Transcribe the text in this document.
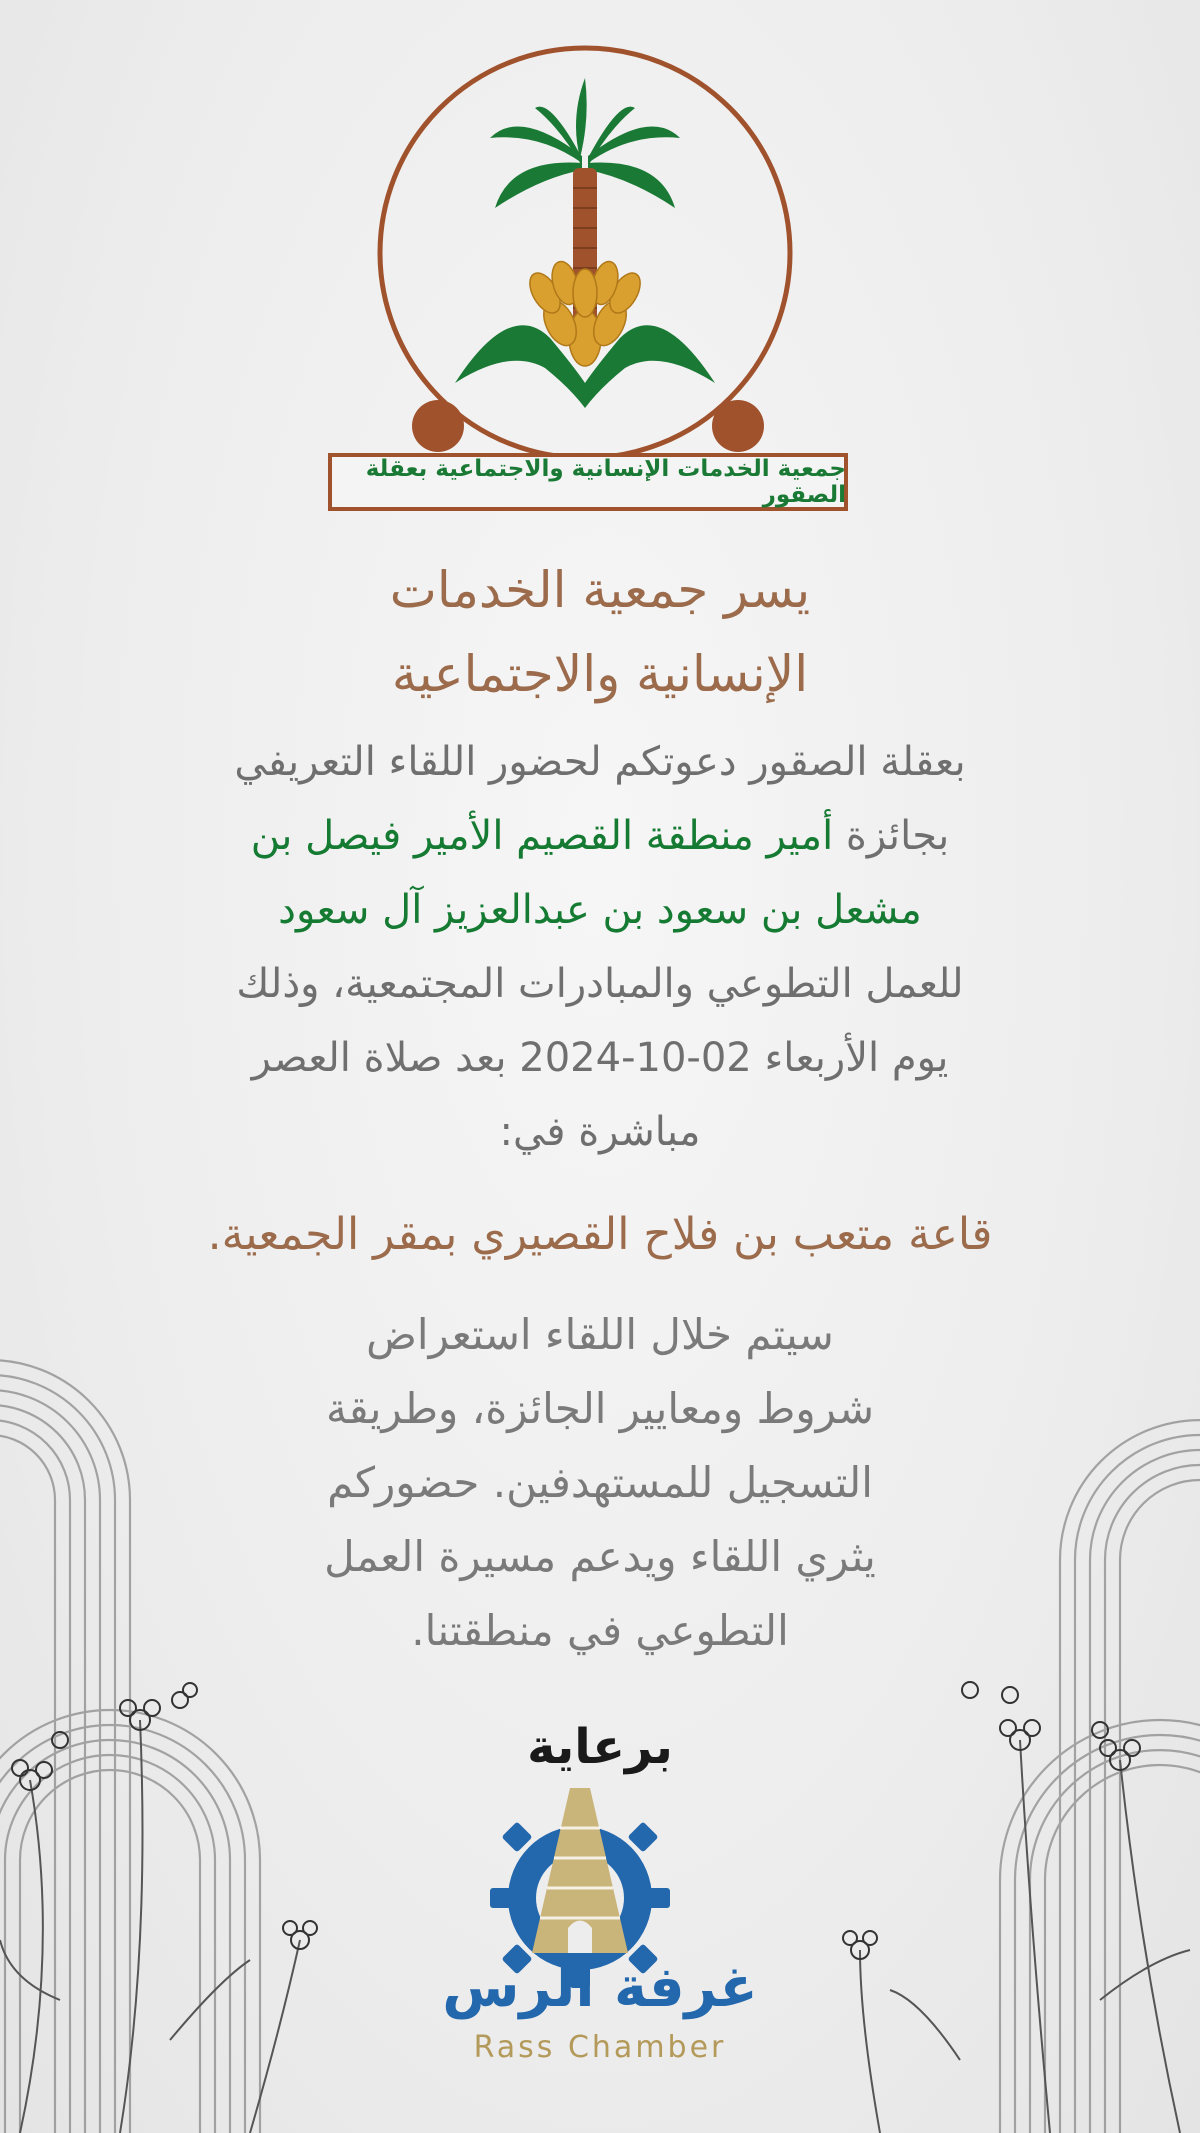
جمعية الخدمات الإنسانية والاجتماعية بعقلة الصقور
يسر جمعية الخدمات
الإنسانية والاجتماعية
بعقلة الصقور دعوتكم لحضور اللقاء التعريفي
بجائزة أمير منطقة القصيم الأمير فيصل بن
مشعل بن سعود بن عبدالعزيز آل سعود
للعمل التطوعي والمبادرات المجتمعية، وذلك
يوم الأربعاء 02-10-2024 بعد صلاة العصر
مباشرة في:
قاعة متعب بن فلاح القصيري بمقر الجمعية.
سيتم خلال اللقاء استعراض
شروط ومعايير الجائزة، وطريقة
التسجيل للمستهدفين. حضوركم
يثري اللقاء ويدعم مسيرة العمل
التطوعي في منطقتنا.
برعاية
غرفة الرس
Rass Chamber
